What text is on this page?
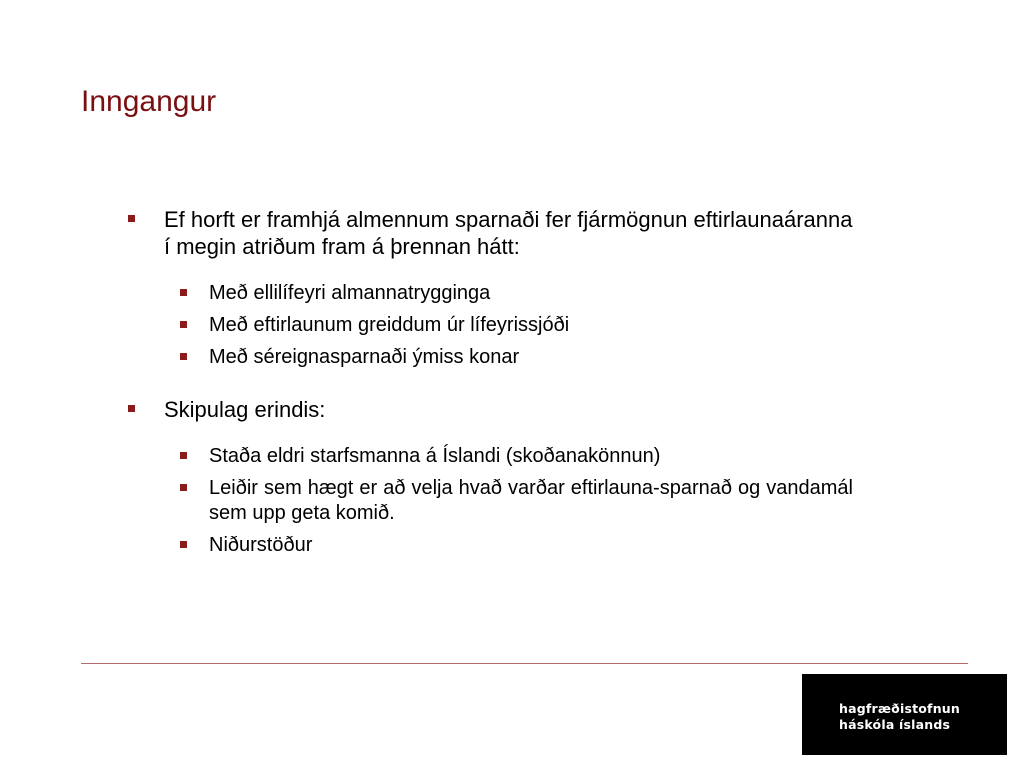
Inngangur
Ef horft er framhjá almennum sparnaði fer fjármögnun eftirlaunaáranna í megin atriðum fram á þrennan hátt:
Með ellilífeyri almannatrygginga
Með eftirlaunum greiddum úr lífeyrissjóði
Með séreignasparnaði ýmiss konar
Skipulag erindis:
Staða eldri starfsmanna á Íslandi (skoðanakönnun)
Leiðir sem hægt er að velja hvað varðar eftirlauna-sparnað og vandamál sem upp geta komið.
Niðurstöður
hagfræðistofnun
háskóla íslands
